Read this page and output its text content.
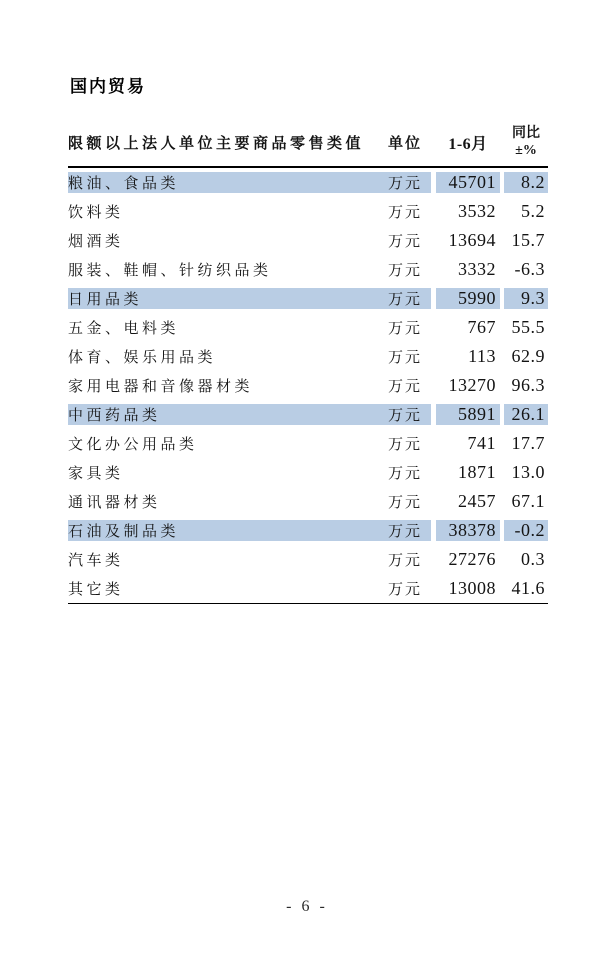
国内贸易
限额以上法人单位主要商品零售类值	单位	1-6月
同比
±%
粮油、食品类	万元	45701	8.2
饮料类	万元	3532	5.2
烟酒类	万元	13694 15.7
服装、鞋帽、针纺织品类	万元	3332	-6.3
日用品类	万元	5990	9.3
五金、电料类	万元	767 55.5
体育、娱乐用品类	万元	113 62.9
家用电器和音像器材类	万元	13270 96.3
中西药品类	万元	5891 26.1
文化办公用品类	万元	741 17.7
家具类	万元	1871 13.0
通讯器材类	万元	2457 67.1
石油及制品类	万元	38378	-0.2
汽车类	万元	27276	0.3
其它类	万元	13008 41.6
- 6 -
